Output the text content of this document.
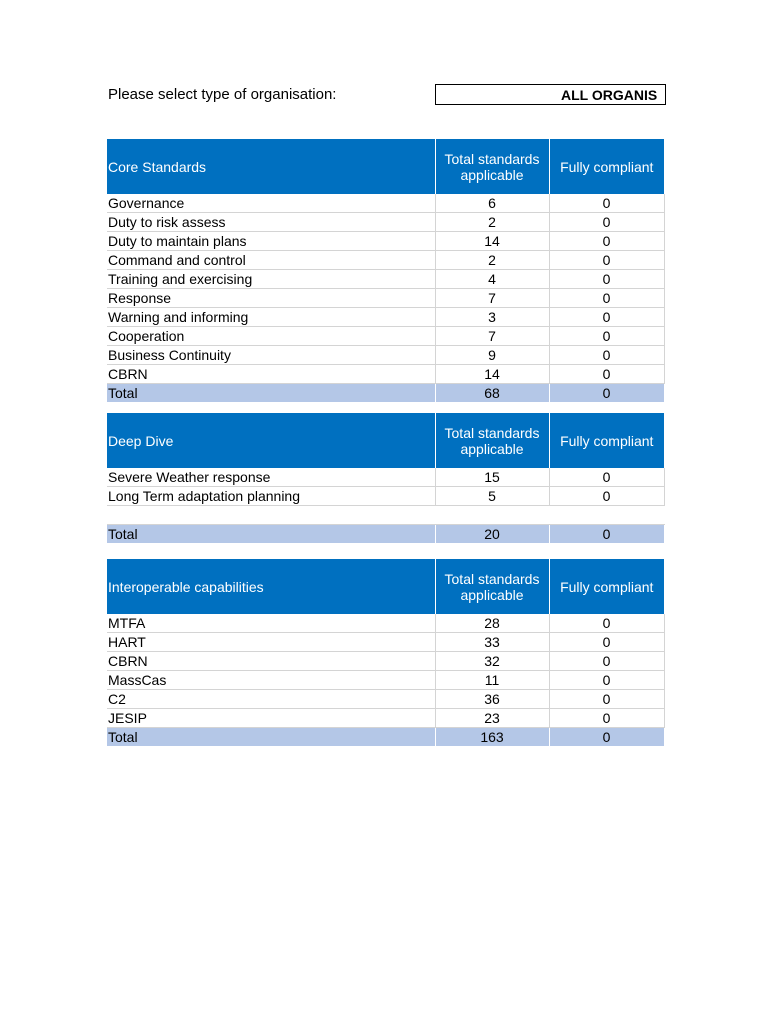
Please select type of organisation:	ALL ORGANIS
Core Standards	Total standards applicable	Fully compliant
Governance	6	0
Duty to risk assess	2	0
Duty to maintain plans	14	0
Command and control	2	0
Training and exercising	4	0
Response	7	0
Warning and informing	3	0
Cooperation	7	0
Business Continuity	9	0
CBRN	14	0
Total	68	0
Deep Dive	Total standards applicable	Fully compliant
Severe Weather response	15	0
Long Term adaptation planning	5	0

Total	20	0
Interoperable capabilities	Total standards applicable	Fully compliant
MTFA	28	0
HART	33	0
CBRN	32	0
MassCas	11	0
C2	36	0
JESIP	23	0
Total	163	0
